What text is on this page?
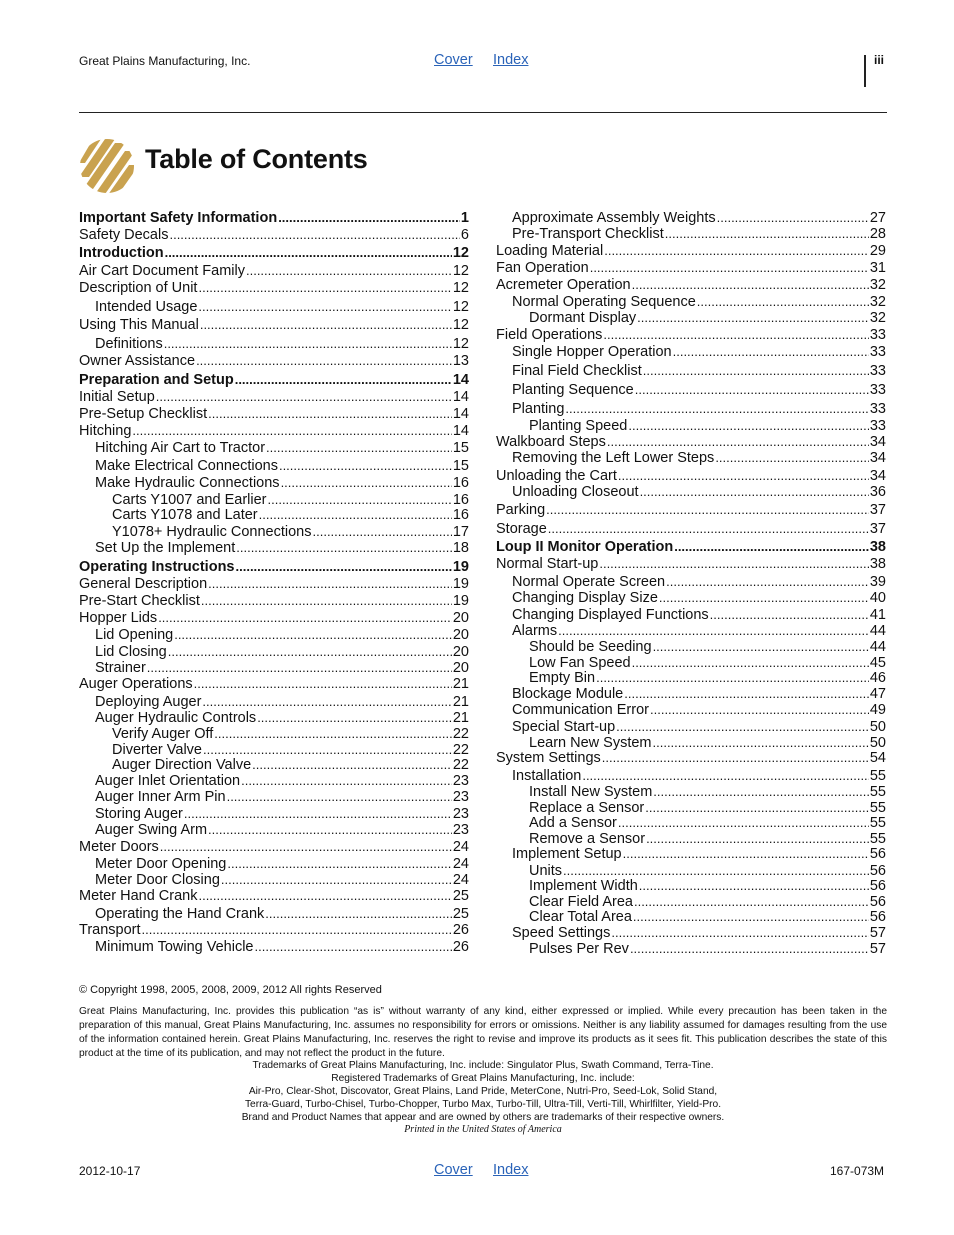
Great Plains Manufacturing, Inc.	Cover Index	iii
Table of Contents
Important Safety Information .....	1
Safety Decals .....	6
Introduction .....	12
Air Cart Document Family .....	12
Description of Unit .....	12
Intended Usage .....	12
Using This Manual .....	12
Definitions .....	12
Owner Assistance .....	13
Preparation and Setup .....	14
Initial Setup .....	14
Pre-Setup Checklist .....	14
Hitching .....	14
Hitching Air Cart to Tractor .....	15
Make Electrical Connections .....	15
Make Hydraulic Connections .....	16
Carts Y1007 and Earlier .....	16
Carts Y1078 and Later .....	16
Y1078+ Hydraulic Connections .....	17
Set Up the Implement .....	18
Operating Instructions .....	19
General Description .....	19
Pre-Start Checklist .....	19
Hopper Lids .....	20
Lid Opening .....	20
Lid Closing .....	20
Strainer .....	20
Auger Operations .....	21
Deploying Auger .....	21
Auger Hydraulic Controls .....	21
Verify Auger Off .....	22
Diverter Valve .....	22
Auger Direction Valve .....	22
Auger Inlet Orientation .....	23
Auger Inner Arm Pin .....	23
Storing Auger .....	23
Auger Swing Arm .....	23
Meter Doors .....	24
Meter Door Opening .....	24
Meter Door Closing .....	24
Meter Hand Crank .....	25
Operating the Hand Crank .....	25
Transport .....	26
Minimum Towing Vehicle .....	26
Approximate Assembly Weights .....	27
Pre-Transport Checklist .....	28
Loading Material .....	29
Fan Operation .....	31
Acremeter Operation .....	32
Normal Operating Sequence .....	32
Dormant Display .....	32
Field Operations .....	33
Single Hopper Operation .....	33
Final Field Checklist .....	33
Planting Sequence .....	33
Planting .....	33
Planting Speed .....	33
Walkboard Steps .....	34
Removing the Left Lower Steps .....	34
Unloading the Cart .....	34
Unloading Closeout .....	36
Parking .....	37
Storage .....	37
Loup II Monitor Operation .....	38
Normal Start-up .....	38
Normal Operate Screen .....	39
Changing Display Size .....	40
Changing Displayed Functions .....	41
Alarms .....	44
Should be Seeding .....	44
Low Fan Speed .....	45
Empty Bin .....	46
Blockage Module .....	47
Communication Error .....	49
Special Start-up .....	50
Learn New System .....	50
System Settings .....	54
Installation .....	55
Install New System .....	55
Replace a Sensor .....	55
Add a Sensor .....	55
Remove a Sensor .....	55
Implement Setup .....	56
Units .....	56
Implement Width .....	56
Clear Field Area .....	56
Clear Total Area .....	56
Speed Settings .....	57
Pulses Per Rev .....	57
© Copyright 1998, 2005, 2008, 2009, 2012 All rights Reserved
Great Plains Manufacturing, Inc. provides this publication “as is” without warranty of any kind, either expressed or implied. While every precaution has been taken in the preparation of this manual, Great Plains Manufacturing, Inc. assumes no responsibility for errors or omissions. Neither is any liability assumed for damages resulting from the use of the information contained herein. Great Plains Manufacturing, Inc. reserves the right to revise and improve its products as it sees fit. This publication describes the state of this product at the time of its publication, and may not reflect the product in the future.
Trademarks of Great Plains Manufacturing, Inc. include: Singulator Plus, Swath Command, Terra-Tine.
Registered Trademarks of Great Plains Manufacturing, Inc. include:
Air-Pro, Clear-Shot, Discovator, Great Plains, Land Pride, MeterCone, Nutri-Pro, Seed-Lok, Solid Stand,
Terra-Guard, Turbo-Chisel, Turbo-Chopper, Turbo Max, Turbo-Till, Ultra-Till, Verti-Till, Whirlfilter, Yield-Pro.
Brand and Product Names that appear and are owned by others are trademarks of their respective owners.
Printed in the United States of America
2012-10-17	Cover Index	167-073M
